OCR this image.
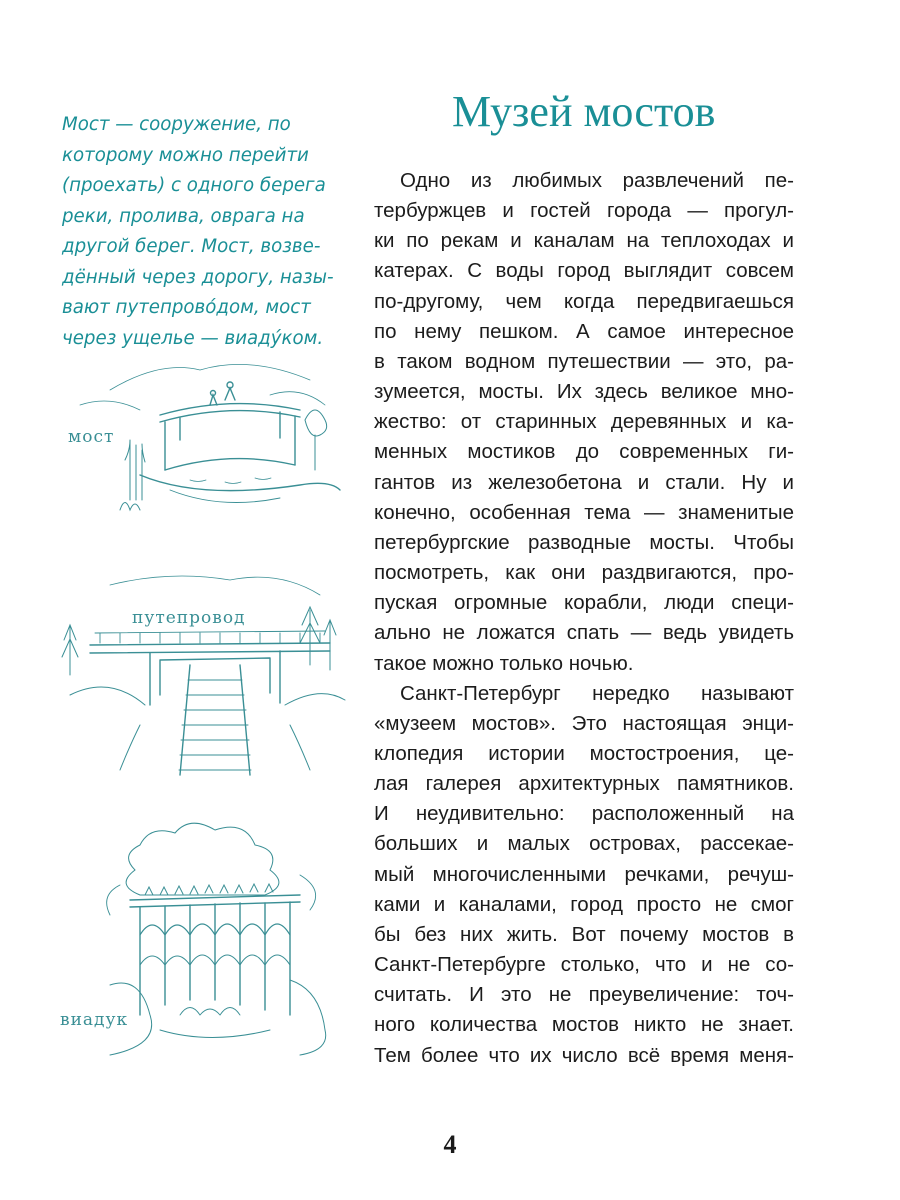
Мост — сооружение, по
которому можно перейти
(проехать) с одного берега
реки, пролива, оврага на
другой берег. Мост, возве-
дённый через дорогу, назы-
вают путепровóдом, мост
через ущелье — виадýком.
Музей мостов
Одно из любимых развлечений пе-
тербуржцев и гостей города — прогул-
ки по рекам и каналам на теплоходах и
катерах. С воды город выглядит совсем
по-другому, чем когда передвигаешься
по нему пешком. А самое интересное
в таком водном путешествии — это, ра-
зумеется, мосты. Их здесь великое мно-
жество: от старинных деревянных и ка-
менных мостиков до современных ги-
гантов из железобетона и стали. Ну и
конечно, особенная тема — знаменитые
петербургские разводные мосты. Чтобы
посмотреть, как они раздвигаются, про-
пуская огромные корабли, люди специ-
ально не ложатся спать — ведь увидеть
такое можно только ночью.
Санкт-Петербург нередко называют
«музеем мостов». Это настоящая энци-
клопедия истории мостостроения, це-
лая галерея архитектурных памятников.
И неудивительно: расположенный на
больших и малых островах, рассекае-
мый многочисленными речками, речуш-
ками и каналами, город просто не смог
бы без них жить. Вот почему мостов в
Санкт-Петербурге столько, что и не со-
считать. И это не преувеличение: точ-
ного количества мостов никто не знает.
Тем более что их число всё время меня-
мост
путепровод
виадук
4
